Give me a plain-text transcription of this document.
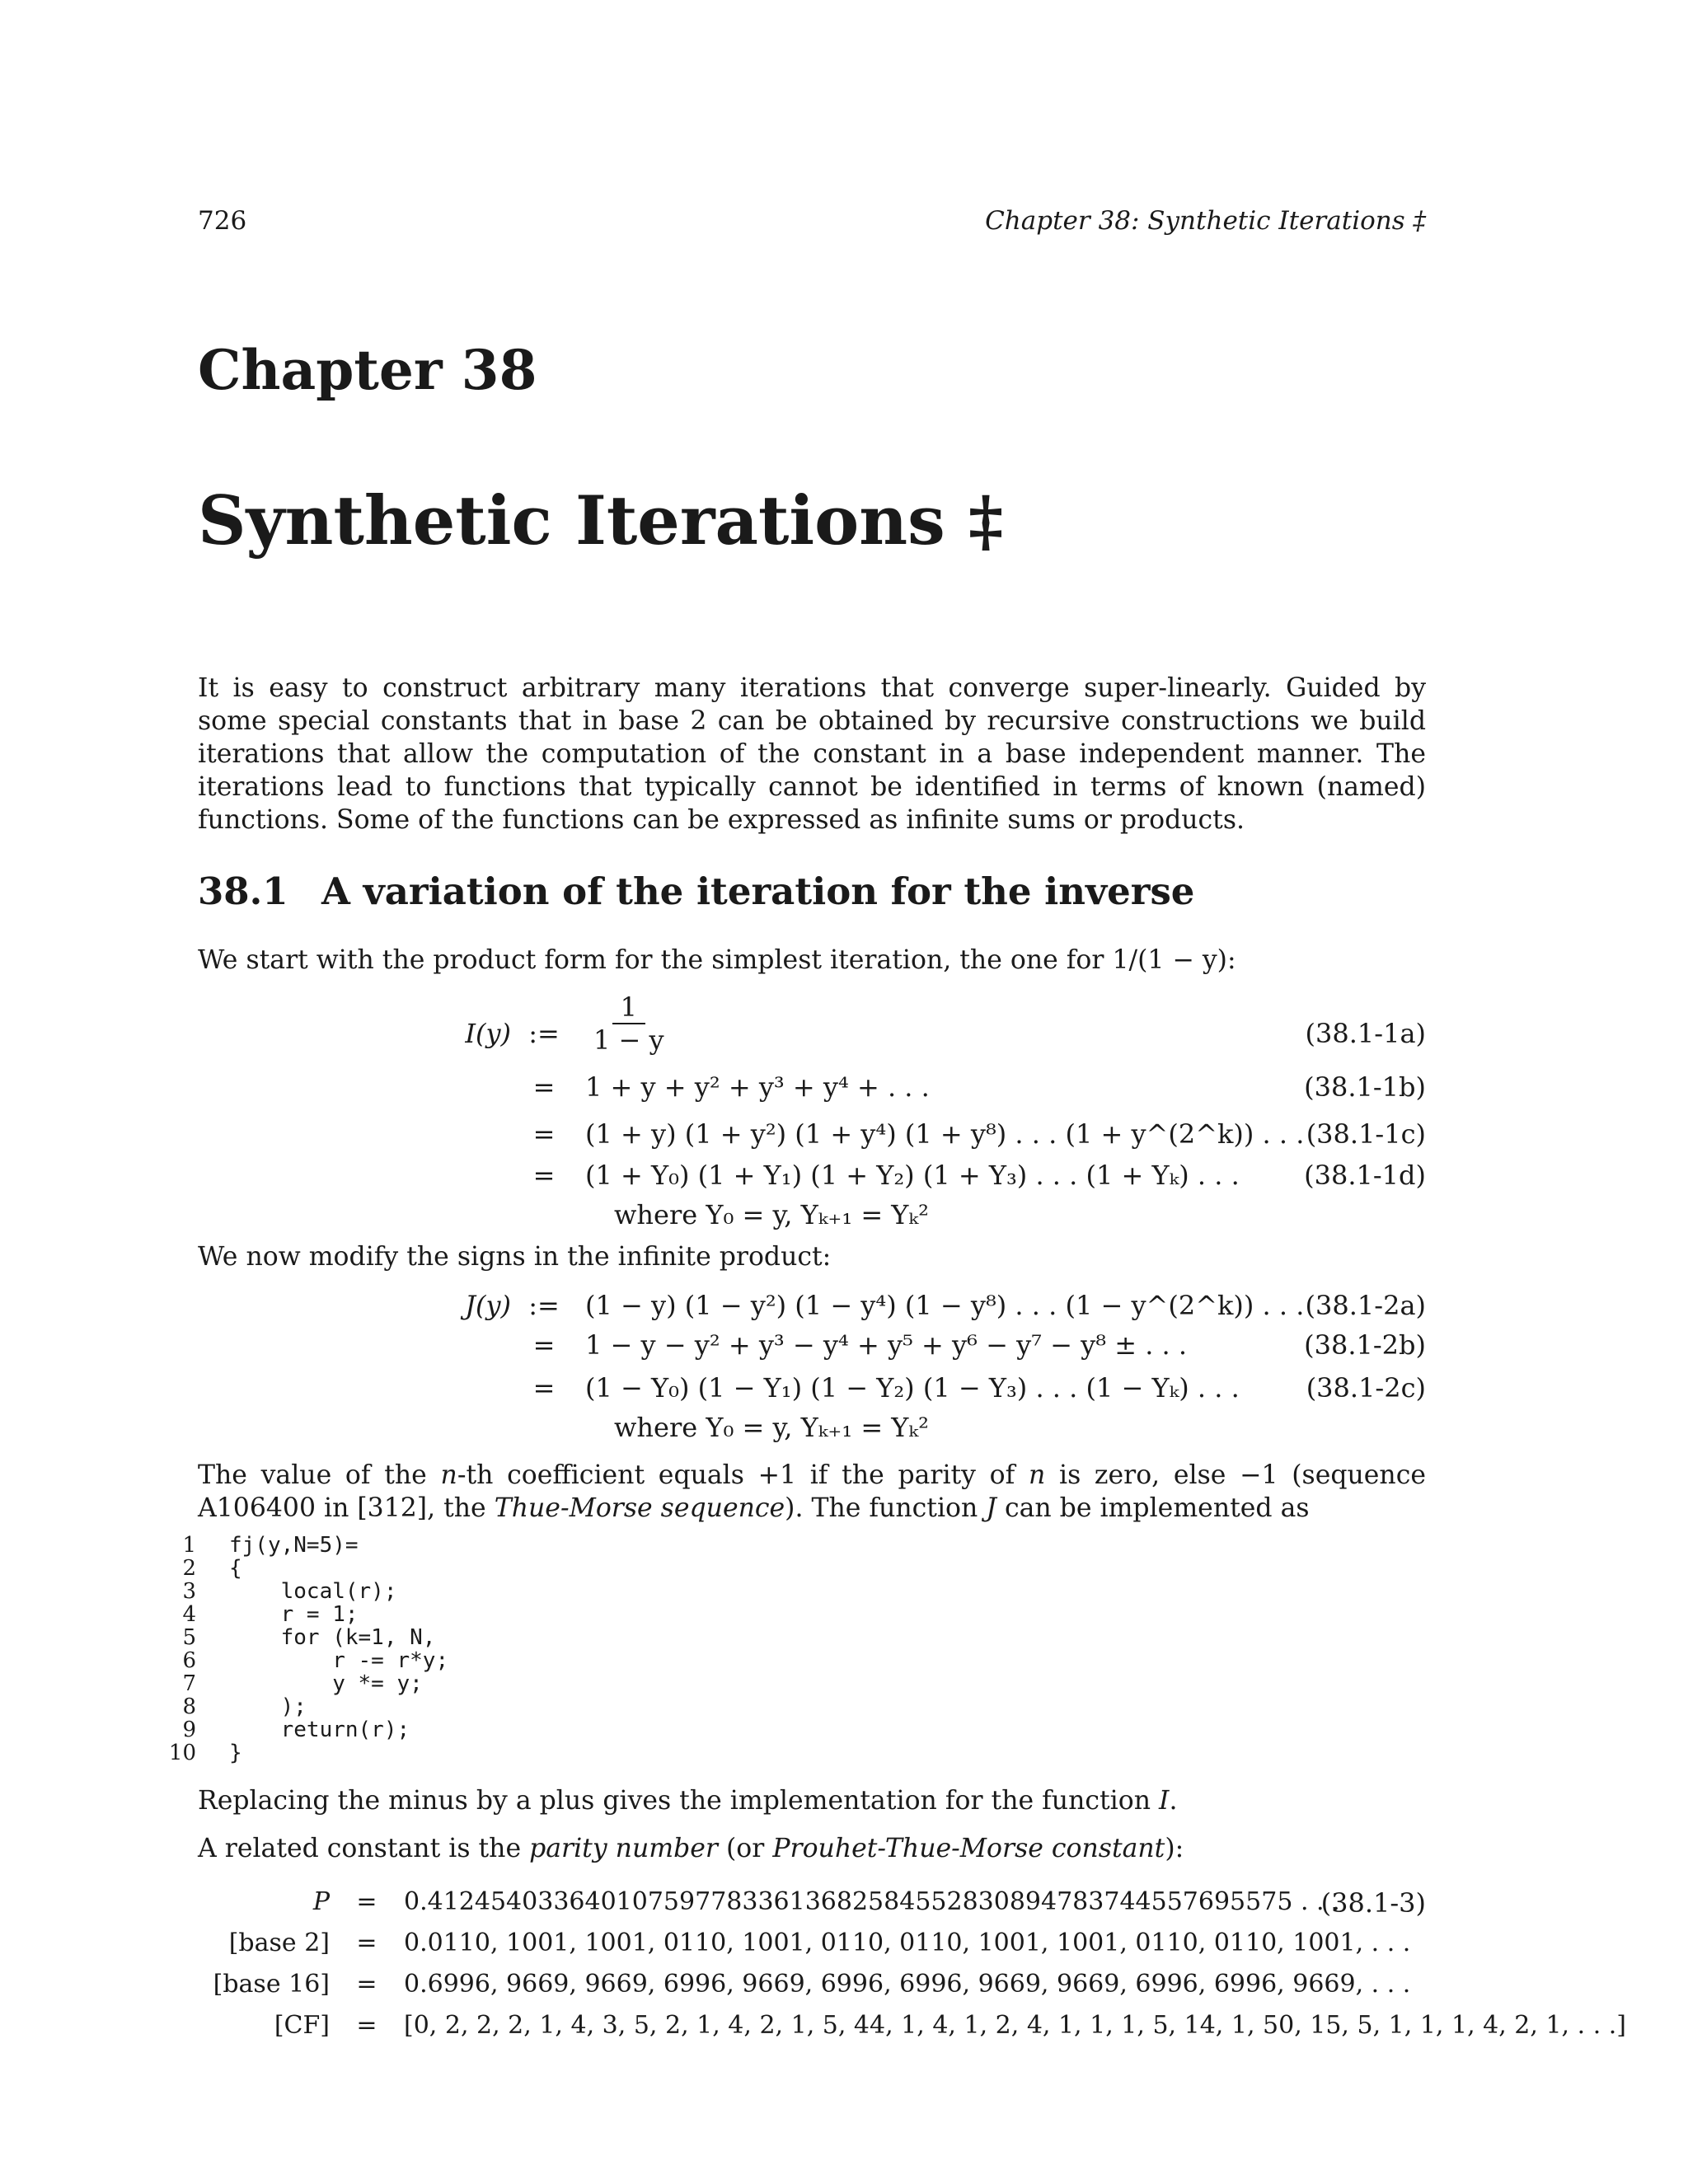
726	Chapter 38: Synthetic Iterations ‡
Chapter 38
Synthetic Iterations ‡
It is easy to construct arbitrary many iterations that converge super-linearly. Guided by some special constants that in base 2 can be obtained by recursive constructions we build iterations that allow the computation of the constant in a base independent manner. The iterations lead to functions that typically cannot be identified in terms of known (named) functions. Some of the functions can be expressed as infinite sums or products.
38.1 A variation of the iteration for the inverse
We start with the product form for the simplest iteration, the one for 1/(1 − y):
I(y) := $\frac{1}{1 - y}$	(38.1-1a)
= 1 + y + y² + y³ + y⁴ + . . .	(38.1-1b)
= (1 + y) (1 + y²) (1 + y⁴) (1 + y⁸) . . . (1 + y^(2^k)) . . . (38.1-1c)
= (1 + Y₀) (1 + Y₁) (1 + Y₂) (1 + Y₃) . . . (1 + Yₖ) . . . (38.1-1d)
where Y₀ = y, Yₖ₊₁ = Yₖ²
We now modify the signs in the infinite product:
J(y) := (1 − y) (1 − y²) (1 − y⁴) (1 − y⁸) . . . (1 − y^(2^k)) . . . (38.1-2a)
= 1 − y − y² + y³ − y⁴ + y⁵ + y⁶ − y⁷ − y⁸ ± . . .	(38.1-2b)
= (1 − Y₀) (1 − Y₁) (1 − Y₂) (1 − Y₃) . . . (1 − Yₖ) . . .	(38.1-2c)
where Y₀ = y, Yₖ₊₁ = Yₖ²
The value of the n-th coefficient equals +1 if the parity of n is zero, else −1 (sequence A106400 in [312], the Thue-Morse sequence). The function J can be implemented as
1 fj(y,N=5)=
2 {
3    local(r);
4    r = 1;
5    for (k=1, N,
6        r -= r*y;
7        y *= y;
8    );
9    return(r);
10 }
Replacing the minus by a plus gives the implementation for the function I.
A related constant is the parity number (or Prouhet-Thue-Morse constant):
P	=	0.4124540336401075977833613682584552830894783744557695575 . . .
(38.1-3)
[base 2]	=	0.0110, 1001, 1001, 0110, 1001, 0110, 0110, 1001, 1001, 0110, 0110, 1001, . . .
[base 16]	=	0.6996, 9669, 9669, 6996, 9669, 6996, 6996, 9669, 9669, 6996, 6996, 9669, . . .
[CF]	=	[0, 2, 2, 2, 1, 4, 3, 5, 2, 1, 4, 2, 1, 5, 44, 1, 4, 1, 2, 4, 1, 1, 1, 5, 14, 1, 50, 15, 5, 1, 1, 1, 4, 2, 1, . . .]
